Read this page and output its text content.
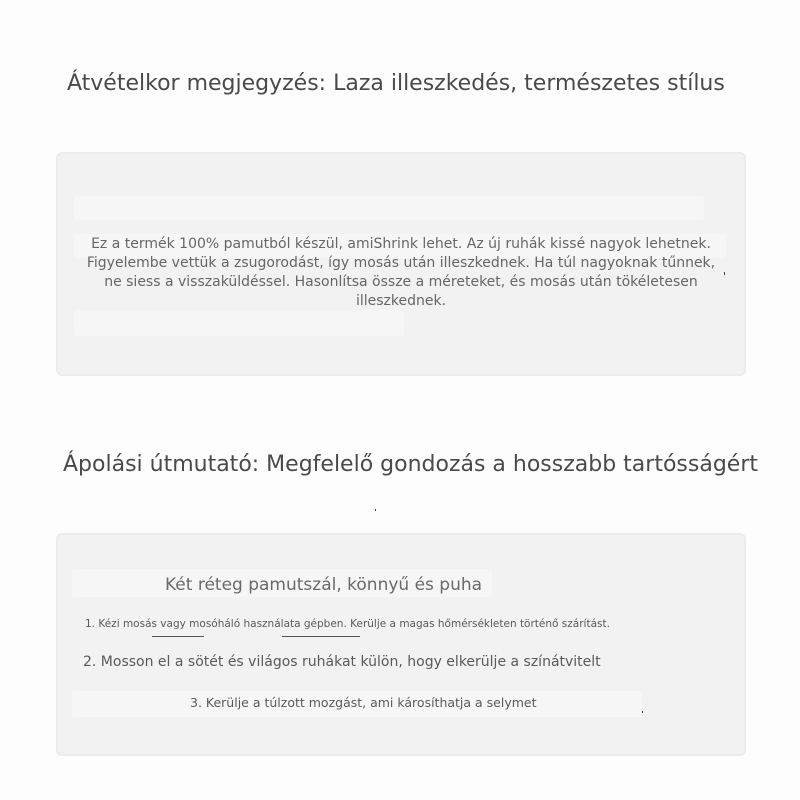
Átvételkor megjegyzés: Laza illeszkedés, természetes stílus

Ez a termék 100% pamutból készül, amiShrink lehet. Az új ruhák kissé nagyok lehetnek. Figyelembe vettük a zsugorodást, így mosás után illeszkednek. Ha túl nagyoknak tűnnek, ne siess a visszaküldéssel. Hasonlítsa össze a méreteket, és mosás után tökéletesen illeszkednek.

Ápolási útmutató: Megfelelő gondozás a hosszabb tartósságért
Két réteg pamutszál, könnyű és puha
1. Kézi mosás vagy mosóháló használata gépben. Kerülje a magas hőmérsékleten történő szárítást.
2. Mosson el a sötét és világos ruhákat külön, hogy elkerülje a színátvitelt
3. Kerülje a túlzott mozgást, ami károsíthatja a selymet
